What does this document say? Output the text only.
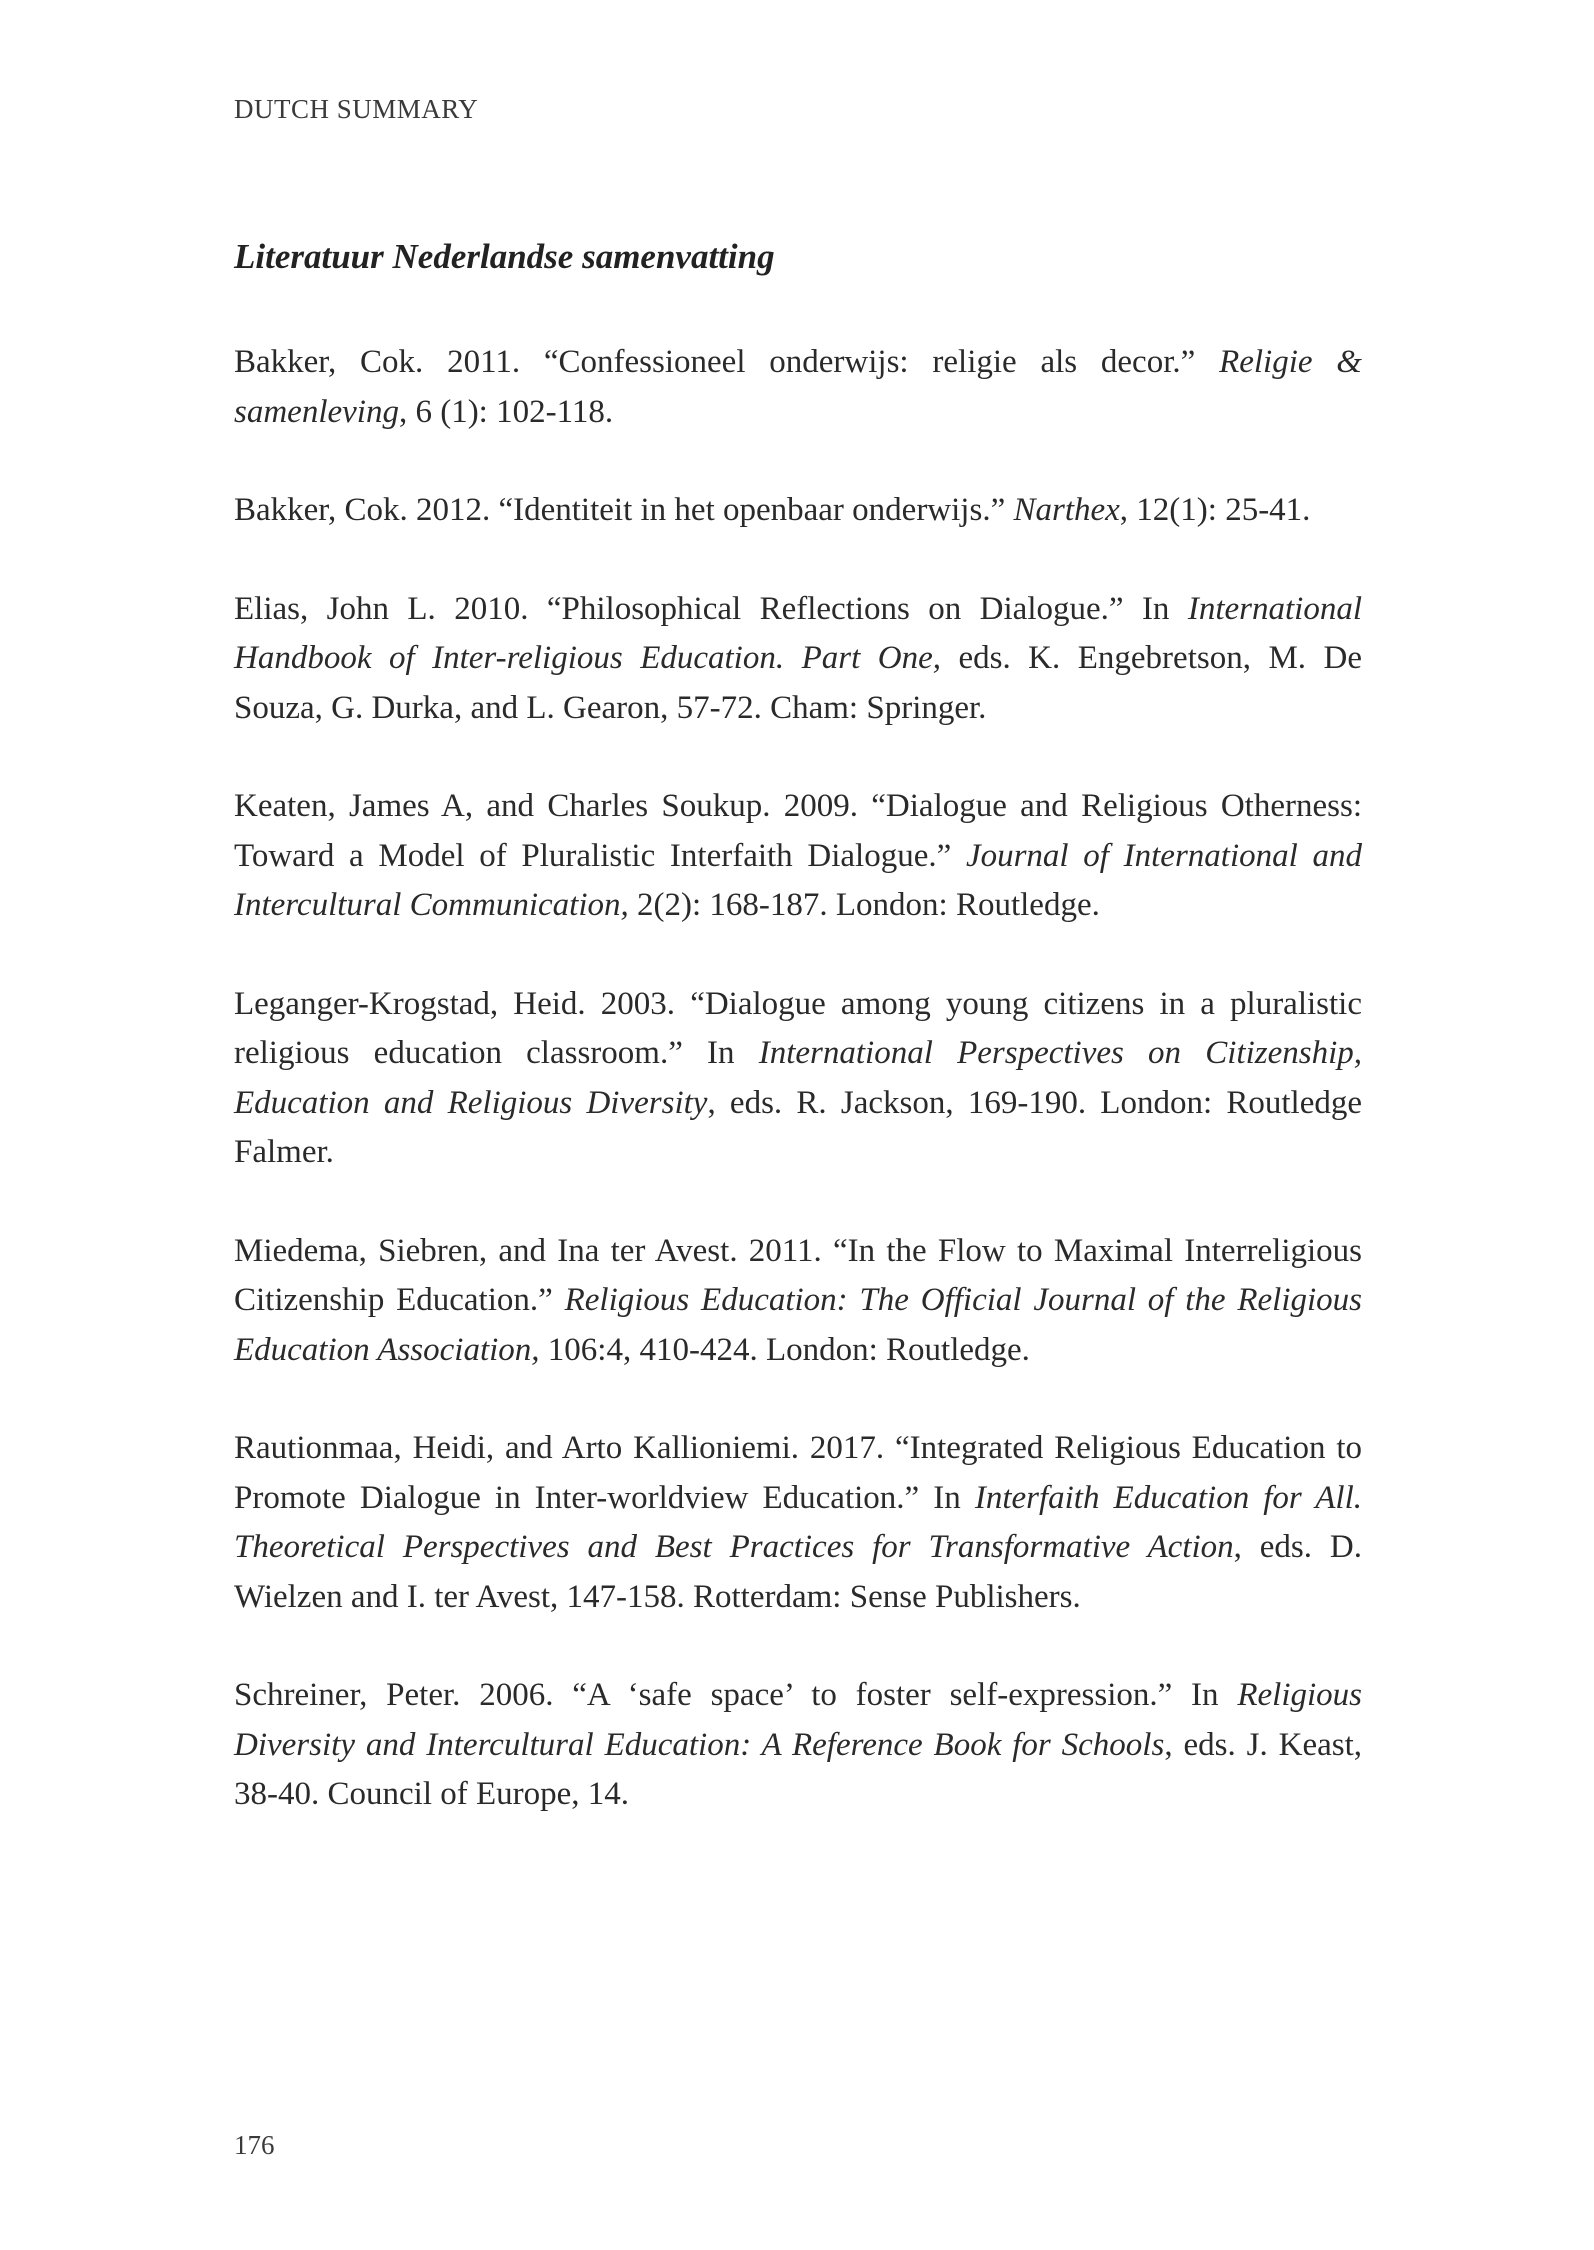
DUTCH SUMMARY
Literatuur Nederlandse samenvatting
Bakker, Cok. 2011. “Confessioneel onderwijs: religie als decor.” Religie & samenleving, 6 (1): 102-118.
Bakker, Cok. 2012. “Identiteit in het openbaar onderwijs.” Narthex, 12(1): 25-41.
Elias, John L. 2010. “Philosophical Reflections on Dialogue.” In International Handbook of Inter-religious Education. Part One, eds. K. Engebretson, M. De Souza, G. Durka, and L. Gearon, 57-72. Cham: Springer.
Keaten, James A, and Charles Soukup. 2009. “Dialogue and Religious Otherness: Toward a Model of Pluralistic Interfaith Dialogue.” Journal of International and Intercultural Communication, 2(2): 168-187. London: Routledge.
Leganger-Krogstad, Heid. 2003. “Dialogue among young citizens in a pluralistic religious education classroom.” In International Perspectives on Citizenship, Education and Religious Diversity, eds. R. Jackson, 169-190. London: Routledge Falmer.
Miedema, Siebren, and Ina ter Avest. 2011. “In the Flow to Maximal Interreligious Citizenship Education.” Religious Education: The Official Journal of the Religious Education Association, 106:4, 410-424. London: Routledge.
Rautionmaa, Heidi, and Arto Kallioniemi. 2017. “Integrated Religious Education to Promote Dialogue in Inter-worldview Education.” In Interfaith Education for All. Theoretical Perspectives and Best Practices for Transformative Action, eds. D. Wielzen and I. ter Avest, 147-158. Rotterdam: Sense Publishers.
Schreiner, Peter. 2006. “A ‘safe space’ to foster self-expression.” In Religious Diversity and Intercultural Education: A Reference Book for Schools, eds. J. Keast, 38-40. Council of Europe, 14.
176
